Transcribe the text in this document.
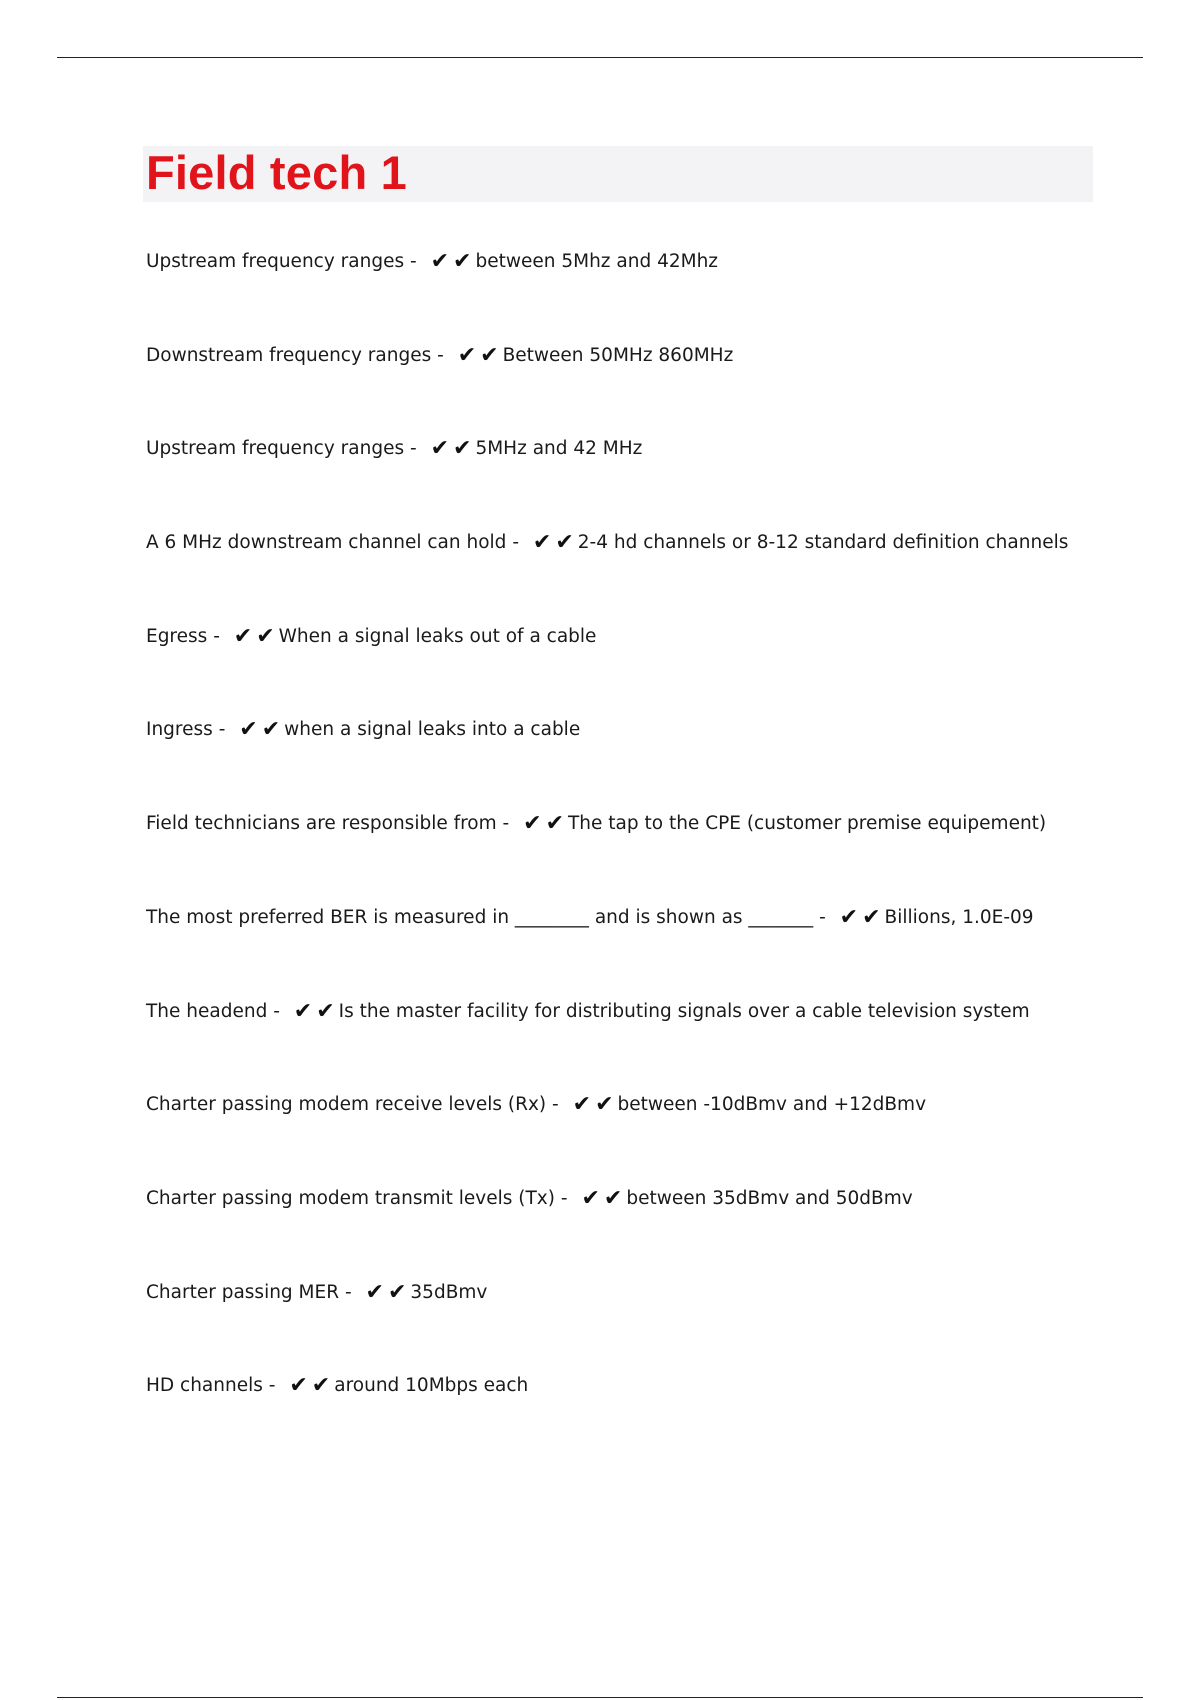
Field tech 1
Upstream frequency ranges - ✔ ✔ between 5Mhz and 42Mhz
Downstream frequency ranges - ✔ ✔ Between 50MHz 860MHz
Upstream frequency ranges - ✔ ✔ 5MHz and 42 MHz
A 6 MHz downstream channel can hold - ✔ ✔ 2-4 hd channels or 8-12 standard definition channels
Egress - ✔ ✔ When a signal leaks out of a cable
Ingress - ✔ ✔ when a signal leaks into a cable
Field technicians are responsible from - ✔ ✔ The tap to the CPE (customer premise equipement)
The most preferred BER is measured in ________ and is shown as _______ - ✔ ✔ Billions, 1.0E-09
The headend - ✔ ✔ Is the master facility for distributing signals over a cable television system
Charter passing modem receive levels (Rx) - ✔ ✔ between -10dBmv and +12dBmv
Charter passing modem transmit levels (Tx) - ✔ ✔ between 35dBmv and 50dBmv
Charter passing MER - ✔ ✔ 35dBmv
HD channels - ✔ ✔ around 10Mbps each
